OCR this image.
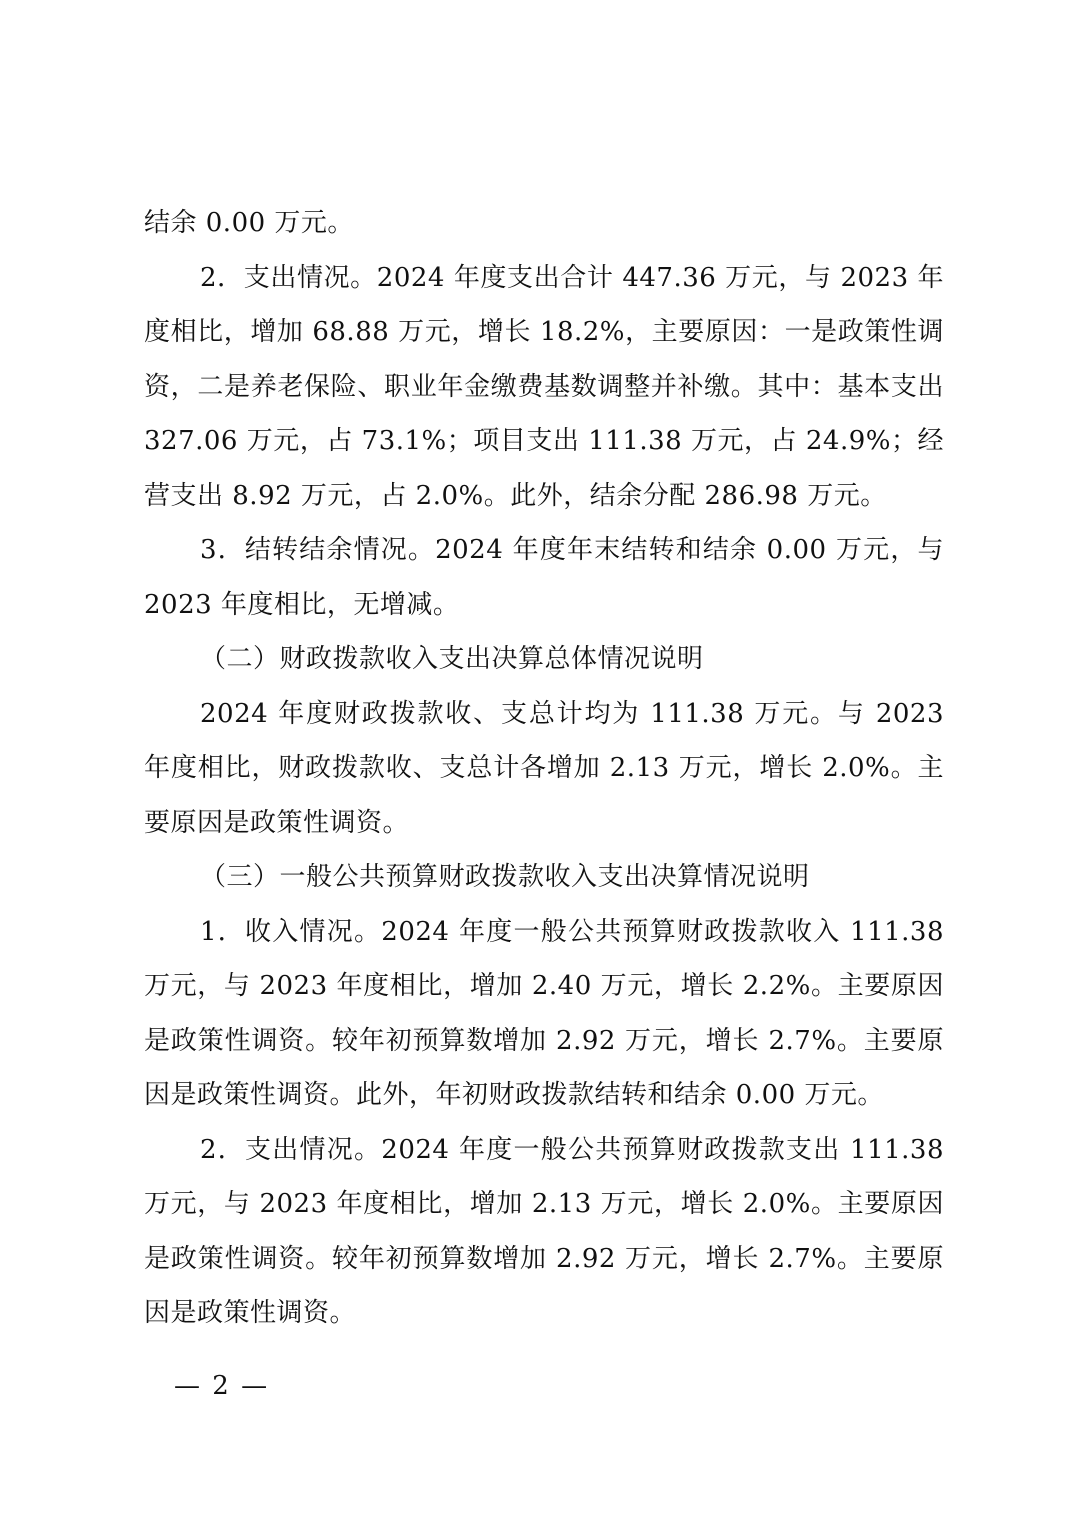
结余 0.00 万元。

2．支出情况。2024 年度支出合计 447.36 万元，与 2023 年度相比，增加 68.88 万元，增长 18.2%，主要原因：一是政策性调资，二是养老保险、职业年金缴费基数调整并补缴。其中：基本支出 327.06 万元，占 73.1%；项目支出 111.38 万元，占 24.9%；经营支出 8.92 万元，占 2.0%。此外，结余分配 286.98 万元。

3．结转结余情况。2024 年度年末结转和结余 0.00 万元，与 2023 年度相比，无增减。

（二）财政拨款收入支出决算总体情况说明

2024 年度财政拨款收、支总计均为 111.38 万元。与 2023 年度相比，财政拨款收、支总计各增加 2.13 万元，增长 2.0%。主要原因是政策性调资。

（三）一般公共预算财政拨款收入支出决算情况说明

1．收入情况。2024 年度一般公共预算财政拨款收入 111.38 万元，与 2023 年度相比，增加 2.40 万元，增长 2.2%。主要原因是政策性调资。较年初预算数增加 2.92 万元，增长 2.7%。主要原因是政策性调资。此外，年初财政拨款结转和结余 0.00 万元。

2．支出情况。2024 年度一般公共预算财政拨款支出 111.38 万元，与 2023 年度相比，增加 2.13 万元，增长 2.0%。主要原因是政策性调资。较年初预算数增加 2.92 万元，增长 2.7%。主要原因是政策性调资。

— 2 —
